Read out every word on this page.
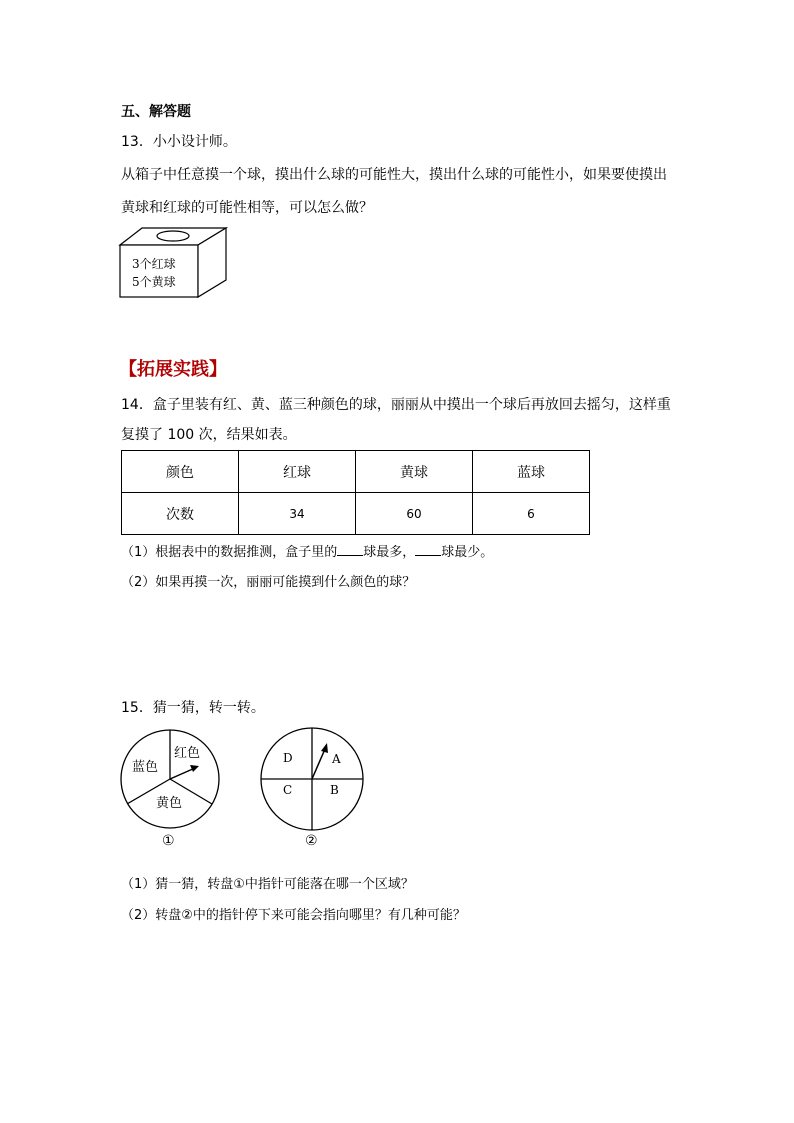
五、解答题
13．小小设计师。
从箱子中任意摸一个球，摸出什么球的可能性大，摸出什么球的可能性小，如果要使摸出
黄球和红球的可能性相等，可以怎么做？
3个红球
5个黄球
【拓展实践】
14．盒子里装有红、黄、蓝三种颜色的球，丽丽从中摸出一个球后再放回去摇匀，这样重
复摸了 100 次，结果如表。
颜色	红球	黄球	蓝球
次数	34	60	6
（1）根据表中的数据推测，盒子里的 球最多， 球最少。
（2）如果再摸一次，丽丽可能摸到什么颜色的球？
15．猜一猜，转一转。
蓝色
红色
黄色
①
D	A
C	B
②
（1）猜一猜，转盘①中指针可能落在哪一个区域？
（2）转盘②中的指针停下来可能会指向哪里？有几种可能？
